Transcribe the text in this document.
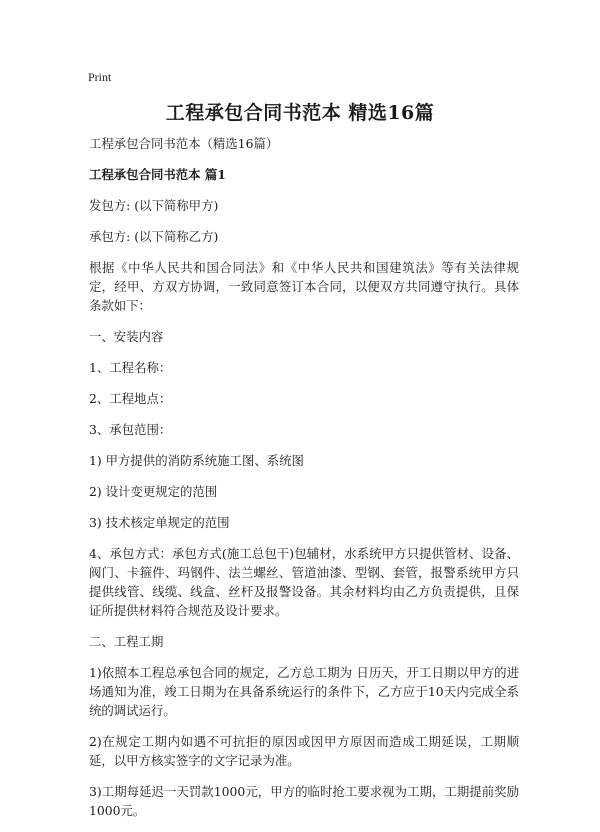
Print
工程承包合同书范本 精选16篇

工程承包合同书范本（精选16篇）

工程承包合同书范本 篇1

发包方: (以下简称甲方)

承包方: (以下简称乙方)

根据《中华人民共和国合同法》和《中华人民共和国建筑法》等有关法律规定，经甲、方双方协调，一致同意签订本合同，以便双方共同遵守执行。具体条款如下：

一、安装内容

1、工程名称：

2、工程地点：

3、承包范围：

1) 甲方提供的消防系统施工图、系统图

2) 设计变更规定的范围

3) 技术核定单规定的范围

4、承包方式：承包方式(施工总包干)包辅材，水系统甲方只提供管材、设备、阀门、卡箍件、玛钢件、法兰螺丝、管道油漆、型钢、套管，报警系统甲方只提供线管、线缆、线盒、丝杆及报警设备。其余材料均由乙方负责提供，且保证所提供材料符合规范及设计要求。

二、工程工期

1)依照本工程总承包合同的规定，乙方总工期为 日历天，开工日期以甲方的进场通知为准，竣工日期为在具备系统运行的条件下，乙方应于10天内完成全系统的调试运行。

2)在规定工期内如遇不可抗拒的原因或因甲方原因而造成工期延误，工期顺延，以甲方核实签字的文字记录为准。

3)工期每延迟一天罚款1000元，甲方的临时抢工要求视为工期，工期提前奖励1000元。
